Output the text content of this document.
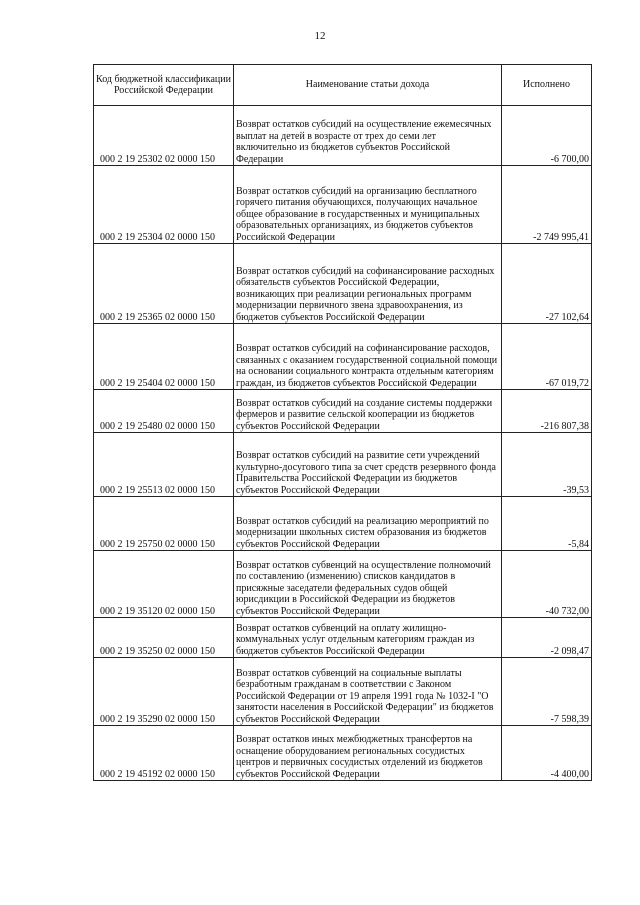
12
Код бюджетной классификации Российской Федерации	Наименование статьи дохода	Исполнено
000 2 19 25302 02 0000 150	Возврат остатков субсидий на осуществление ежемесячных выплат на детей в возрасте от трех до семи лет включительно из бюджетов субъектов Российской Федерации	-6 700,00
000 2 19 25304 02 0000 150	Возврат остатков субсидий на организацию бесплатного горячего питания обучающихся, получающих начальное общее образование в государственных и муниципальных образовательных организациях, из бюджетов субъектов Российской Федерации	-2 749 995,41
000 2 19 25365 02 0000 150	Возврат остатков субсидий на софинансирование расходных обязательств субъектов Российской Федерации, возникающих при реализации региональных программ модернизации первичного звена здравоохранения, из бюджетов субъектов Российской Федерации	-27 102,64
000 2 19 25404 02 0000 150	Возврат остатков субсидий на софинансирование расходов, связанных с оказанием государственной социальной помощи на основании социального контракта отдельным категориям граждан, из бюджетов субъектов Российской Федерации	-67 019,72
000 2 19 25480 02 0000 150	Возврат остатков субсидий на создание системы поддержки фермеров и развитие сельской кооперации из бюджетов субъектов Российской Федерации	-216 807,38
000 2 19 25513 02 0000 150	Возврат остатков субсидий на развитие сети учреждений культурно-досугового типа за счет средств резервного фонда Правительства Российской Федерации из бюджетов субъектов Российской Федерации	-39,53
000 2 19 25750 02 0000 150	Возврат остатков субсидий на реализацию мероприятий по модернизации школьных систем образования из бюджетов субъектов Российской Федерации	-5,84
000 2 19 35120 02 0000 150	Возврат остатков субвенций на осуществление полномочий по составлению (изменению) списков кандидатов в присяжные заседатели федеральных судов общей юрисдикции в Российской Федерации из бюджетов субъектов Российской Федерации	-40 732,00
000 2 19 35250 02 0000 150	Возврат остатков субвенций на оплату жилищно-коммунальных услуг отдельным категориям граждан из бюджетов субъектов Российской Федерации	-2 098,47
000 2 19 35290 02 0000 150	Возврат остатков субвенций на социальные выплаты безработным гражданам в соответствии с Законом Российской Федерации от 19 апреля 1991 года № 1032-I "О занятости населения в Российской Федерации" из бюджетов субъектов Российской Федерации	-7 598,39
000 2 19 45192 02 0000 150	Возврат остатков иных межбюджетных трансфертов на оснащение оборудованием региональных сосудистых центров и первичных сосудистых отделений из бюджетов субъектов Российской Федерации	-4 400,00
